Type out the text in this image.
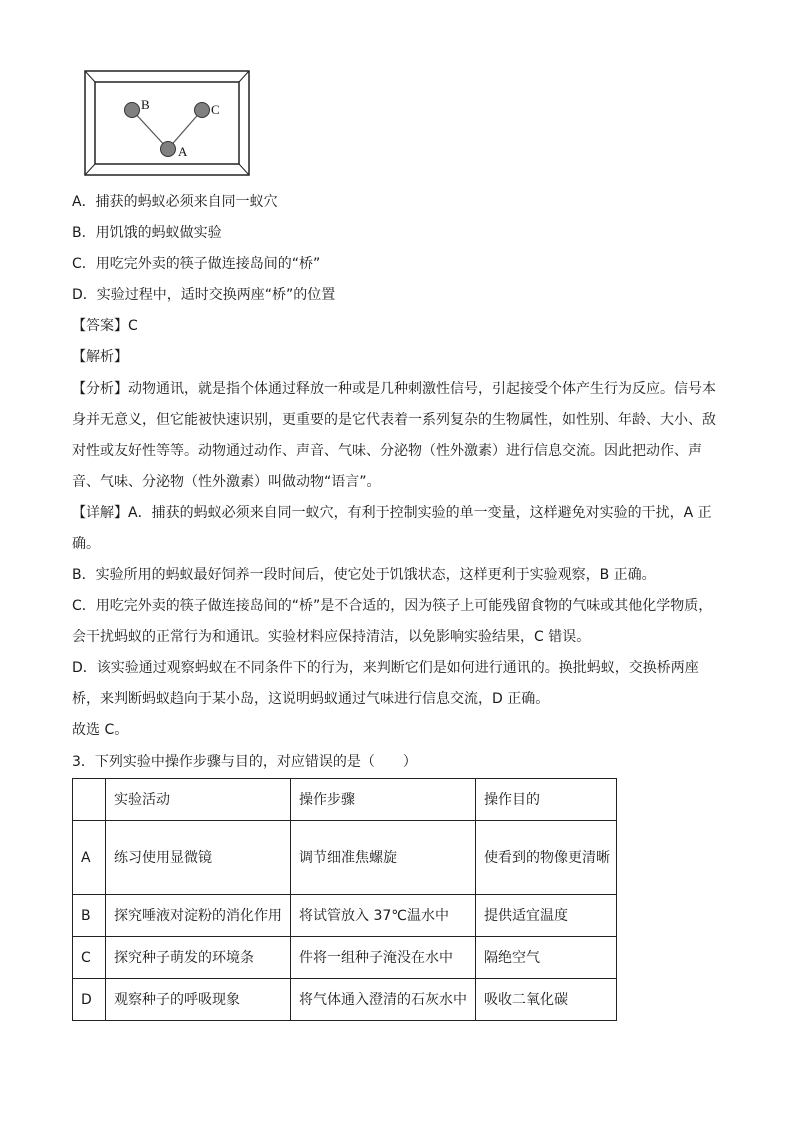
B	C
A
A．捕获的蚂蚁必须来自同一蚁穴
B．用饥饿的蚂蚁做实验
C．用吃完外卖的筷子做连接岛间的“桥”
D．实验过程中，适时交换两座“桥”的位置
【答案】C
【解析】
【分析】动物通讯，就是指个体通过释放一种或是几种刺激性信号，引起接受个体产生行为反应。信号本
身并无意义，但它能被快速识别，更重要的是它代表着一系列复杂的生物属性，如性别、年龄、大小、敌
对性或友好性等等。动物通过动作、声音、气味、分泌物（性外激素）进行信息交流。因此把动作、声
音、气味、分泌物（性外激素）叫做动物“语言”。
【详解】A．捕获的蚂蚁必须来自同一蚁穴，有利于控制实验的单一变量，这样避免对实验的干扰，A 正
确。
B．实验所用的蚂蚁最好饲养一段时间后，使它处于饥饿状态，这样更利于实验观察，B 正确。
C．用吃完外卖的筷子做连接岛间的“桥”是不合适的，因为筷子上可能残留食物的气味或其他化学物质，
会干扰蚂蚁的正常行为和通讯。实验材料应保持清洁，以免影响实验结果，C 错误。
D．该实验通过观察蚂蚁在不同条件下的行为，来判断它们是如何进行通讯的。换批蚂蚁，交换桥两座
桥，来判断蚂蚁趋向于某小岛，这说明蚂蚁通过气味进行信息交流，D 正确。
故选 C。
3．下列实验中操作步骤与目的，对应错误的是（　　）
	实验活动	操作步骤	操作目的
A	练习使用显微镜	调节细准焦螺旋	使看到的物像更清晰
B	探究唾液对淀粉的消化作用	将试管放入 37℃温水中	提供适宜温度
C	探究种子萌发的环境条	件将一组种子淹没在水中	隔绝空气
D	观察种子的呼吸现象	将气体通入澄清的石灰水中	吸收二氧化碳
